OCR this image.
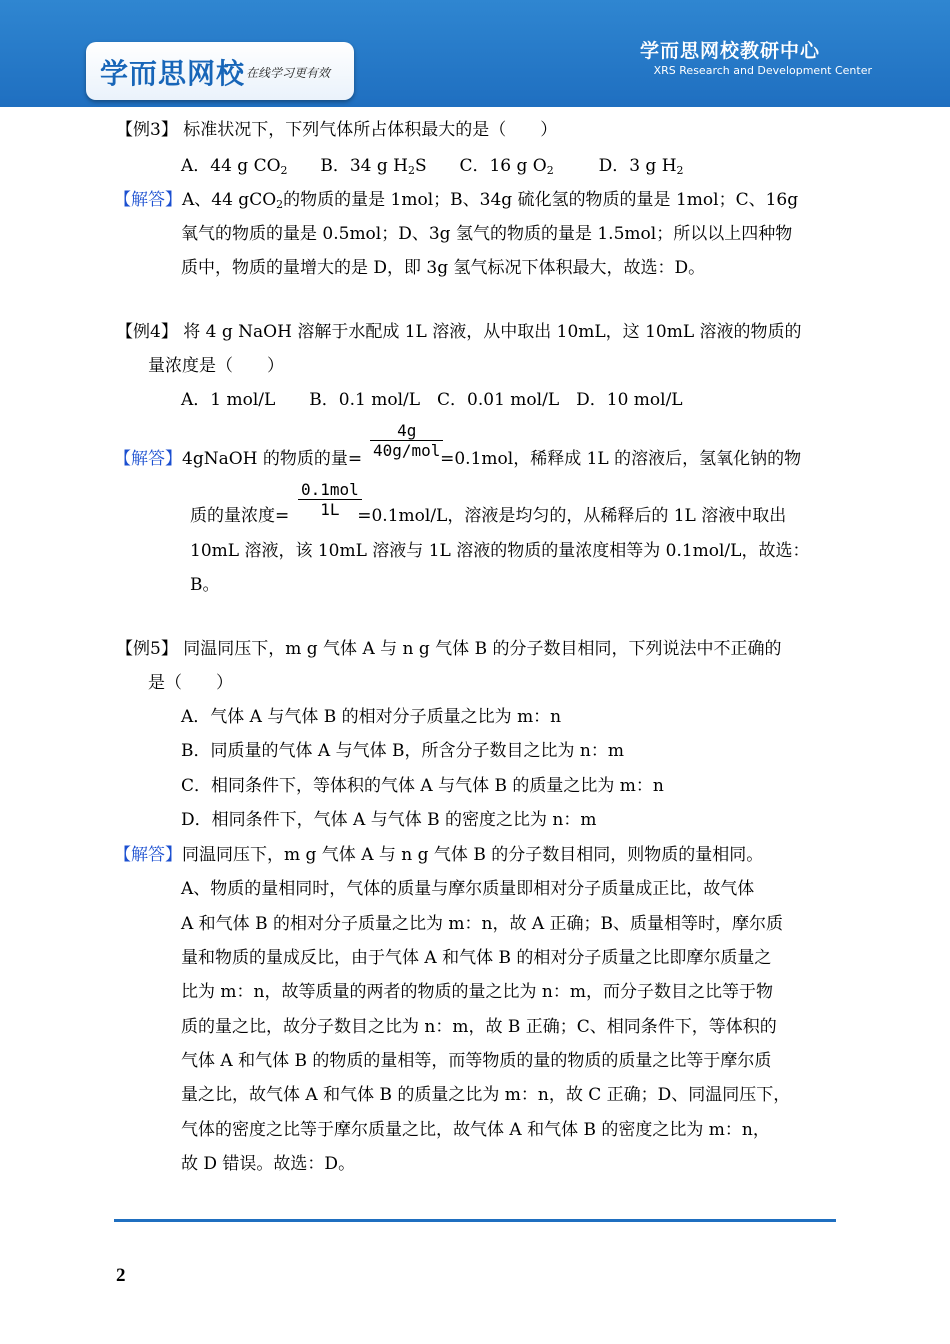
学而思网校 在线学习更有效
学而思网校教研中心
XRS Research and Development Center
【例3】 标准状况下，下列气体所占体积最大的是（　　）
A．44 g $CO_2$ B．34 g $H_2S$ C．16 g $O_2$	D．3 g $H_2$
【解答】A、44 gCO$_2$的物质的量是 1mol；B、34g 硫化氢的物质的量是 1mol；C、16g
氧气的物质的量是 0.5mol；D、3g 氢气的物质的量是 1.5mol；所以以上四种物
质中，物质的量增大的是 D，即 3g 氢气标况下体积最大，故选：D。
【例4】 将 4 g NaOH 溶解于水配成 1L 溶液，从中取出 10mL，这 10mL 溶液的物质的
量浓度是（　　）
A．1 mol/L　　B．0.1 mol/L　C．0.01 mol/L　D．10 mol/L
【解答】4gNaOH 的物质的量=	=0.1mol，稀释成 1L 的溶液后，氢氧化钠的物
4g
40g/mol
质的量浓度=	=0.1mol/L，溶液是均匀的，从稀释后的 1L 溶液中取出
0.1mol
1L
10mL 溶液，该 10mL 溶液与 1L 溶液的物质的量浓度相等为 0.1mol/L，故选：
B。
【例5】 同温同压下，m g 气体 A 与 n g 气体 B 的分子数目相同，下列说法中不正确的
是（　　）
A．气体 A 与气体 B 的相对分子质量之比为 m：n
B．同质量的气体 A 与气体 B，所含分子数目之比为 n：m
C．相同条件下，等体积的气体 A 与气体 B 的质量之比为 m：n
D．相同条件下，气体 A 与气体 B 的密度之比为 n：m
【解答】同温同压下，m g 气体 A 与 n g 气体 B 的分子数目相同，则物质的量相同。
A、物质的量相同时，气体的质量与摩尔质量即相对分子质量成正比，故气体
A 和气体 B 的相对分子质量之比为 m：n，故 A 正确；B、质量相等时，摩尔质
量和物质的量成反比，由于气体 A 和气体 B 的相对分子质量之比即摩尔质量之
比为 m：n，故等质量的两者的物质的量之比为 n：m，而分子数目之比等于物
质的量之比，故分子数目之比为 n：m，故 B 正确；C、相同条件下，等体积的
气体 A 和气体 B 的物质的量相等，而等物质的量的物质的质量之比等于摩尔质
量之比，故气体 A 和气体 B 的质量之比为 m：n，故 C 正确；D、同温同压下，
气体的密度之比等于摩尔质量之比，故气体 A 和气体 B 的密度之比为 m：n，
故 D 错误。故选：D。
2
